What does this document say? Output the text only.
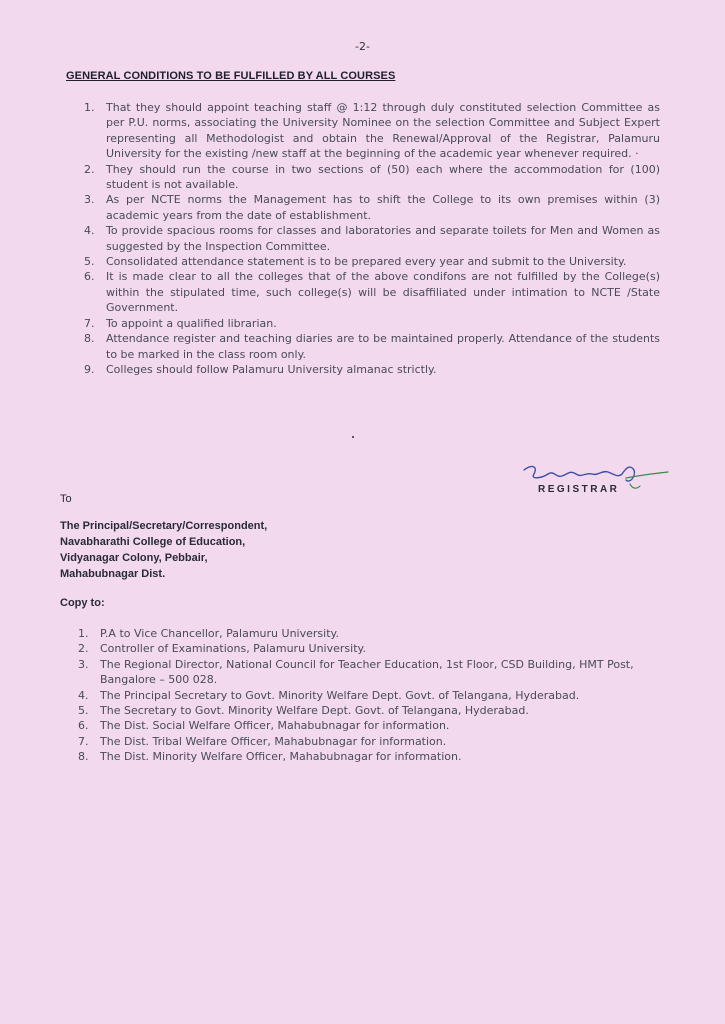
-2-
GENERAL CONDITIONS TO BE FULFILLED BY ALL COURSES
1.	That they should appoint teaching staff @ 1:12 through duly constituted selection Committee as per P.U. norms, associating the University Nominee on the selection Committee and Subject Expert representing all Methodologist and obtain the Renewal/Approval of the Registrar, Palamuru University for the existing /new staff at the beginning of the academic year whenever required. ·
2.	They should run the course in two sections of (50) each where the accommodation for (100) student is not available.
3.	As per NCTE norms the Management has to shift the College to its own premises within (3) academic years from the date of establishment.
4.	To provide spacious rooms for classes and laboratories and separate toilets for Men and Women as suggested by the Inspection Committee.
5.	Consolidated attendance statement is to be prepared every year and submit to the University.
6.	It is made clear to all the colleges that of the above condifons are not fulfilled by the College(s) within the stipulated time, such college(s) will be disaffiliated under intimation to NCTE /State Government.
7.	To appoint a qualified librarian.
8.	Attendance register and teaching diaries are to be maintained properly. Attendance of the students to be marked in the class room only.
9.	Colleges should follow Palamuru University almanac strictly.
REGISTRAR
To
The Principal/Secretary/Correspondent,
Navabharathi College of Education,
Vidyanagar Colony, Pebbair,
Mahabubnagar Dist.
Copy to:
1.	P.A to Vice Chancellor, Palamuru University.
2.	Controller of Examinations, Palamuru University.
3.	The Regional Director, National Council for Teacher Education, 1st Floor, CSD Building, HMT Post, Bangalore – 500 028.
4.	The Principal Secretary to Govt. Minority Welfare Dept. Govt. of Telangana, Hyderabad.
5.	The Secretary to Govt. Minority Welfare Dept. Govt. of Telangana, Hyderabad.
6.	The Dist. Social Welfare Officer, Mahabubnagar for information.
7.	The Dist. Tribal Welfare Officer, Mahabubnagar for information.
8.	The Dist. Minority Welfare Officer, Mahabubnagar for information.
